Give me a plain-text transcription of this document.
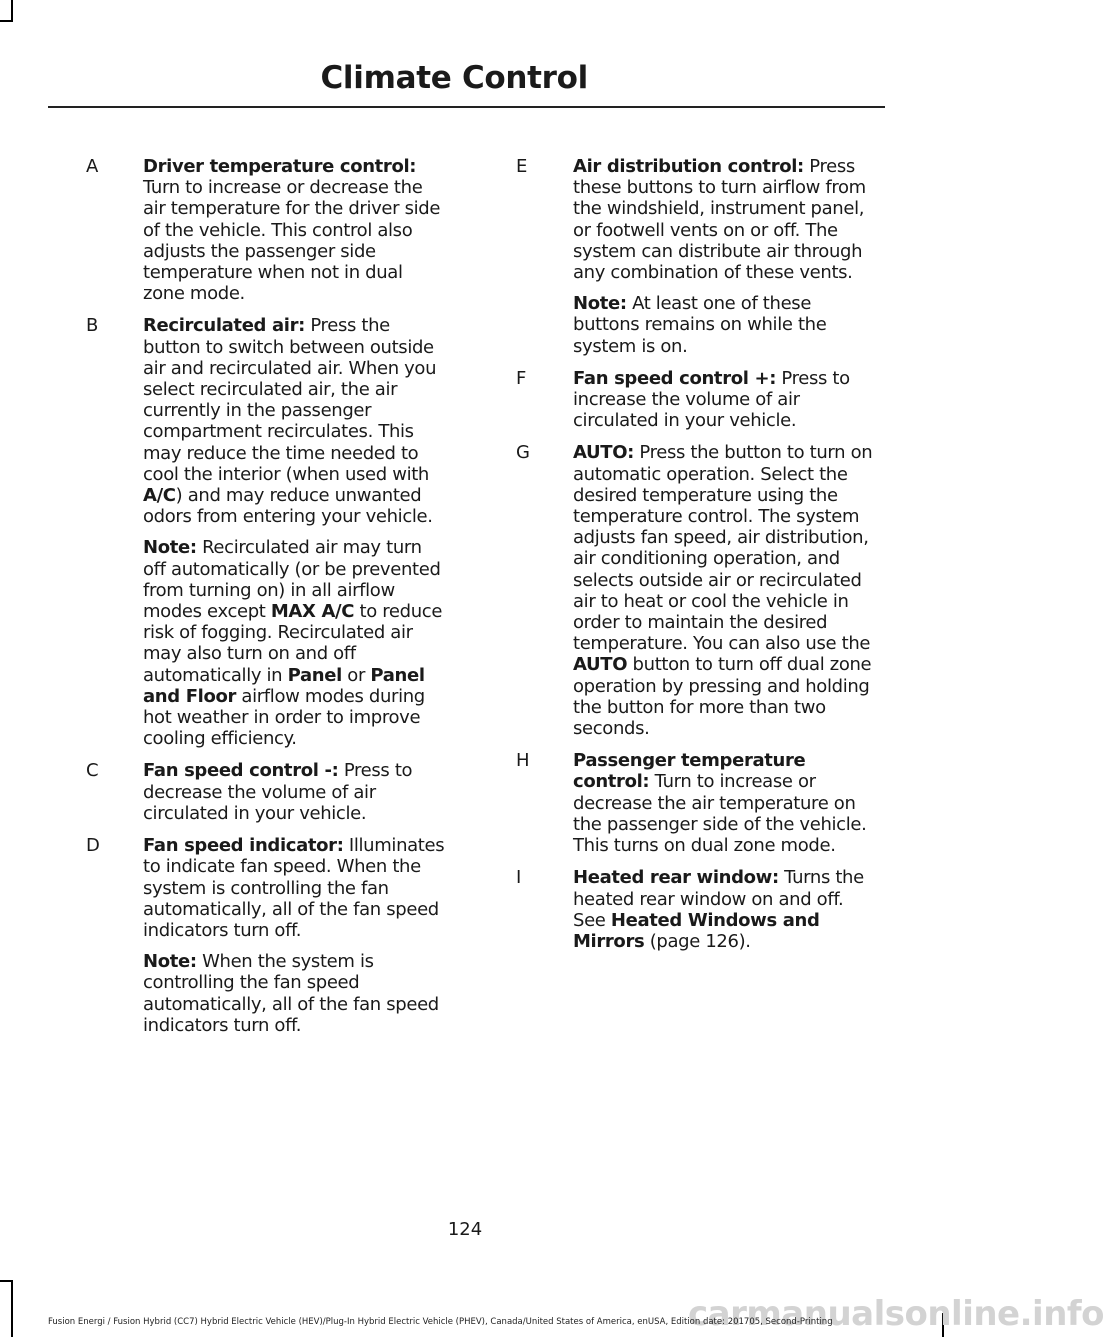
Climate Control
A	Driver temperature control: Turn to increase or decrease the air temperature for the driver side of the vehicle. This control also adjusts the passenger side temperature when not in dual zone mode.

B	Recirculated air: Press the button to switch between outside air and recirculated air. When you select recirculated air, the air currently in the passenger compartment recirculates. This may reduce the time needed to cool the interior (when used with A/C) and may reduce unwanted odors from entering your vehicle.

Note: Recirculated air may turn off automatically (or be prevented from turning on) in all airflow modes except MAX A/C to reduce risk of fogging. Recirculated air may also turn on and off automatically in Panel or Panel and Floor airflow modes during hot weather in order to improve cooling efficiency.

C	Fan speed control -: Press to decrease the volume of air circulated in your vehicle.

D	Fan speed indicator: Illuminates to indicate fan speed. When the system is controlling the fan automatically, all of the fan speed indicators turn off.

Note: When the system is controlling the fan speed automatically, all of the fan speed indicators turn off.

E	Air distribution control: Press these buttons to turn airflow from the windshield, instrument panel, or footwell vents on or off. The system can distribute air through any combination of these vents.

Note: At least one of these buttons remains on while the system is on.

F	Fan speed control +: Press to increase the volume of air circulated in your vehicle.

G	AUTO: Press the button to turn on automatic operation. Select the desired temperature using the temperature control. The system adjusts fan speed, air distribution, air conditioning operation, and selects outside air or recirculated air to heat or cool the vehicle in order to maintain the desired temperature. You can also use the AUTO button to turn off dual zone operation by pressing and holding the button for more than two seconds.

H	Passenger temperature control: Turn to increase or decrease the air temperature on the passenger side of the vehicle. This turns on dual zone mode.

I	Heated rear window: Turns the heated rear window on and off. See Heated Windows and Mirrors (page 126).

124
carmanualsonline.info
Fusion Energi / Fusion Hybrid (CC7) Hybrid Electric Vehicle (HEV)/Plug-In Hybrid Electric Vehicle (PHEV), Canada/United States of America, enUSA, Edition date: 201705, Second-Printing
